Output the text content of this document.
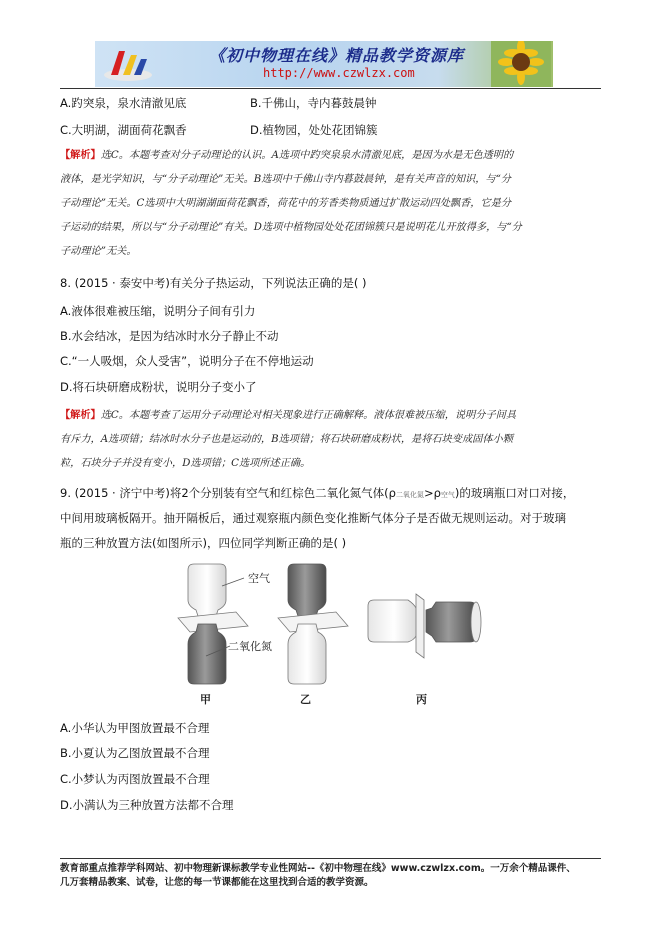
《初中物理在线》精品教学资源库
http://www.czwlzx.com
A.趵突泉，泉水清澈见底	B.千佛山，寺内暮鼓晨钟
C.大明湖，湖面荷花飘香	D.植物园，处处花团锦簇
【解析】选C。本题考查对分子动理论的认识。A选项中趵突泉泉水清澈见底，是因为水是无色透明的
液体，是光学知识，与“分子动理论”无关。B选项中千佛山寺内暮鼓晨钟，是有关声音的知识，与“分
子动理论”无关。C选项中大明湖湖面荷花飘香，荷花中的芳香类物质通过扩散运动四处飘香，它是分
子运动的结果，所以与“分子动理论”有关。D选项中植物园处处花团锦簇只是说明花儿开放得多，与“分
子动理论”无关。
8. (2015 · 泰安中考)有关分子热运动，下列说法正确的是( )
A.液体很难被压缩，说明分子间有引力
B.水会结冰，是因为结冰时水分子静止不动
C.“一人吸烟，众人受害”，说明分子在不停地运动
D.将石块研磨成粉状，说明分子变小了
【解析】选C。本题考查了运用分子动理论对相关现象进行正确解释。液体很难被压缩，说明分子间具
有斥力，A选项错；结冰时水分子也是运动的，B选项错；将石块研磨成粉状，是将石块变成固体小颗
粒，石块分子并没有变小，D选项错；C选项所述正确。
9. (2015 · 济宁中考)将2个分别装有空气和红棕色二氧化氮气体(ρ二氧化氮>ρ空气)的玻璃瓶口对口对接，
中间用玻璃板隔开。抽开隔板后，通过观察瓶内颜色变化推断气体分子是否做无规则运动。对于玻璃
瓶的三种放置方法(如图所示)，四位同学判断正确的是( )
空气
二氧化氮
甲	乙	丙
A.小华认为甲图放置最不合理
B.小夏认为乙图放置最不合理
C.小梦认为丙图放置最不合理
D.小满认为三种放置方法都不合理
教育部重点推荐学科网站、初中物理新课标教学专业性网站--《初中物理在线》www.czwlzx.com。一万余个精品课件、
几万套精品教案、试卷，让您的每一节课都能在这里找到合适的教学资源。
